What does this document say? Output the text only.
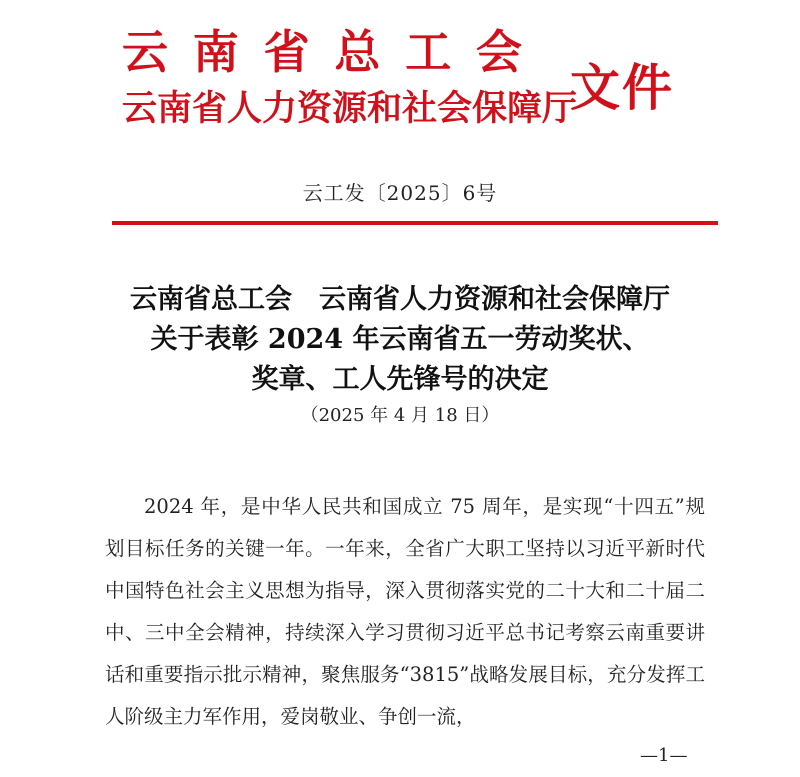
云 南 省 总 工 会
云南省人力资源和社会保障厅
文件
云工发〔2025〕6号
云南省总工会　云南省人力资源和社会保障厅
关于表彰 2024 年云南省五一劳动奖状、
奖章、工人先锋号的决定
（2025 年 4 月 18 日）

2024 年，是中华人民共和国成立 75 周年，是实现“十四五”规划目标任务的关键一年。一年来，全省广大职工坚持以习近平新时代中国特色社会主义思想为指导，深入贯彻落实党的二十大和二十届二中、三中全会精神，持续深入学习贯彻习近平总书记考察云南重要讲话和重要指示批示精神，聚焦服务“3815”战略发展目标，充分发挥工人阶级主力军作用，爱岗敬业、争创一流，

—1—
